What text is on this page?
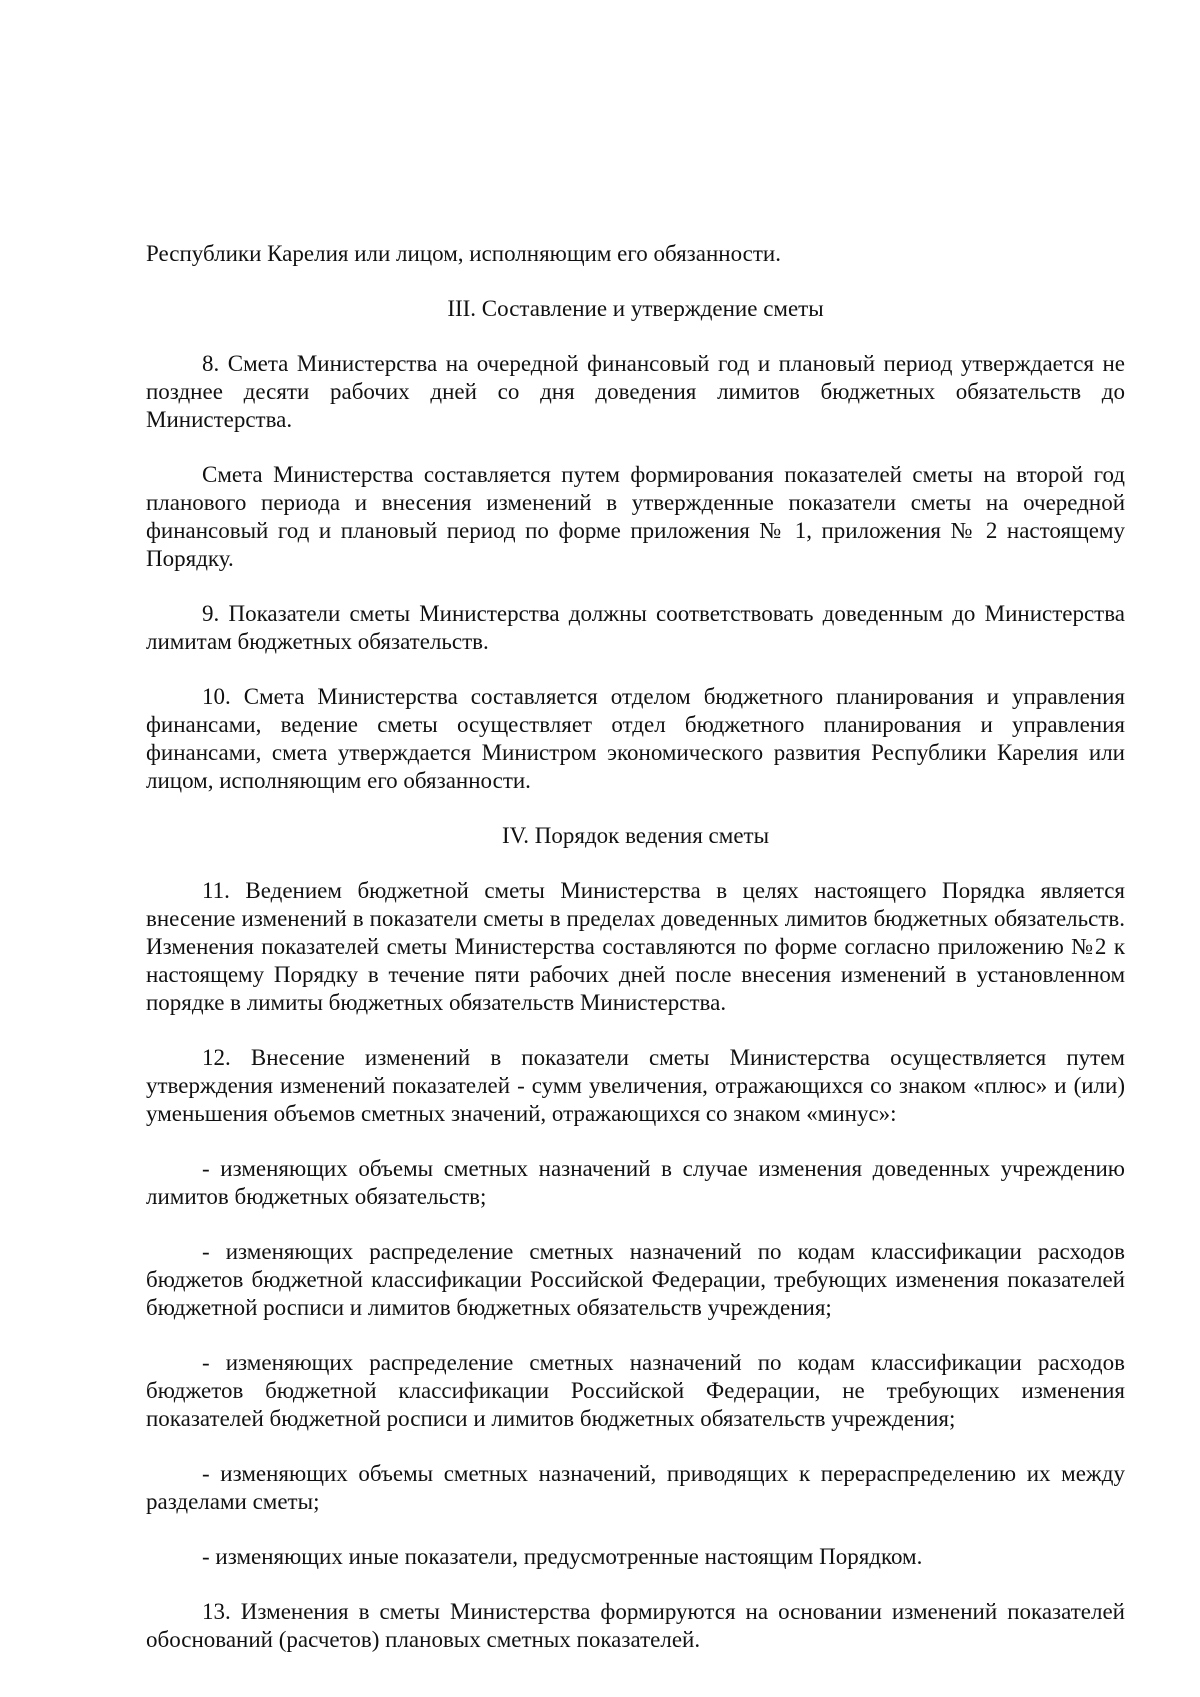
Республики Карелия или лицом, исполняющим его обязанности.

III. Составление и утверждение сметы

8. Смета Министерства на очередной финансовый год и плановый период утверждается не позднее десяти рабочих дней со дня доведения лимитов бюджетных обязательств до Министерства.

Смета Министерства составляется путем формирования показателей сметы на второй год планового периода и внесения изменений в утвержденные показатели сметы на очередной финансовый год и плановый период по форме приложения № 1, приложения № 2 настоящему Порядку.

9. Показатели сметы Министерства должны соответствовать доведенным до Министерства лимитам бюджетных обязательств.

10. Смета Министерства составляется отделом бюджетного планирования и управления финансами, ведение сметы осуществляет отдел бюджетного планирования и управления финансами, смета утверждается Министром экономического развития Республики Карелия или лицом, исполняющим его обязанности.

IV. Порядок ведения сметы

11. Ведением бюджетной сметы Министерства в целях настоящего Порядка является внесение изменений в показатели сметы в пределах доведенных лимитов бюджетных обязательств. Изменения показателей сметы Министерства составляются по форме согласно приложению №2 к настоящему Порядку в течение пяти рабочих дней после внесения изменений в установленном порядке в лимиты бюджетных обязательств Министерства.

12. Внесение изменений в показатели сметы Министерства осуществляется путем утверждения изменений показателей - сумм увеличения, отражающихся со знаком «плюс» и (или) уменьшения объемов сметных значений, отражающихся со знаком «минус»:

- изменяющих объемы сметных назначений в случае изменения доведенных учреждению лимитов бюджетных обязательств;

- изменяющих распределение сметных назначений по кодам классификации расходов бюджетов бюджетной классификации Российской Федерации, требующих изменения показателей бюджетной росписи и лимитов бюджетных обязательств учреждения;

- изменяющих распределение сметных назначений по кодам классификации расходов бюджетов бюджетной классификации Российской Федерации, не требующих изменения показателей бюджетной росписи и лимитов бюджетных обязательств учреждения;

- изменяющих объемы сметных назначений, приводящих к перераспределению их между разделами сметы;

- изменяющих иные показатели, предусмотренные настоящим Порядком.

13. Изменения в сметы Министерства формируются на основании изменений показателей обоснований (расчетов) плановых сметных показателей.
